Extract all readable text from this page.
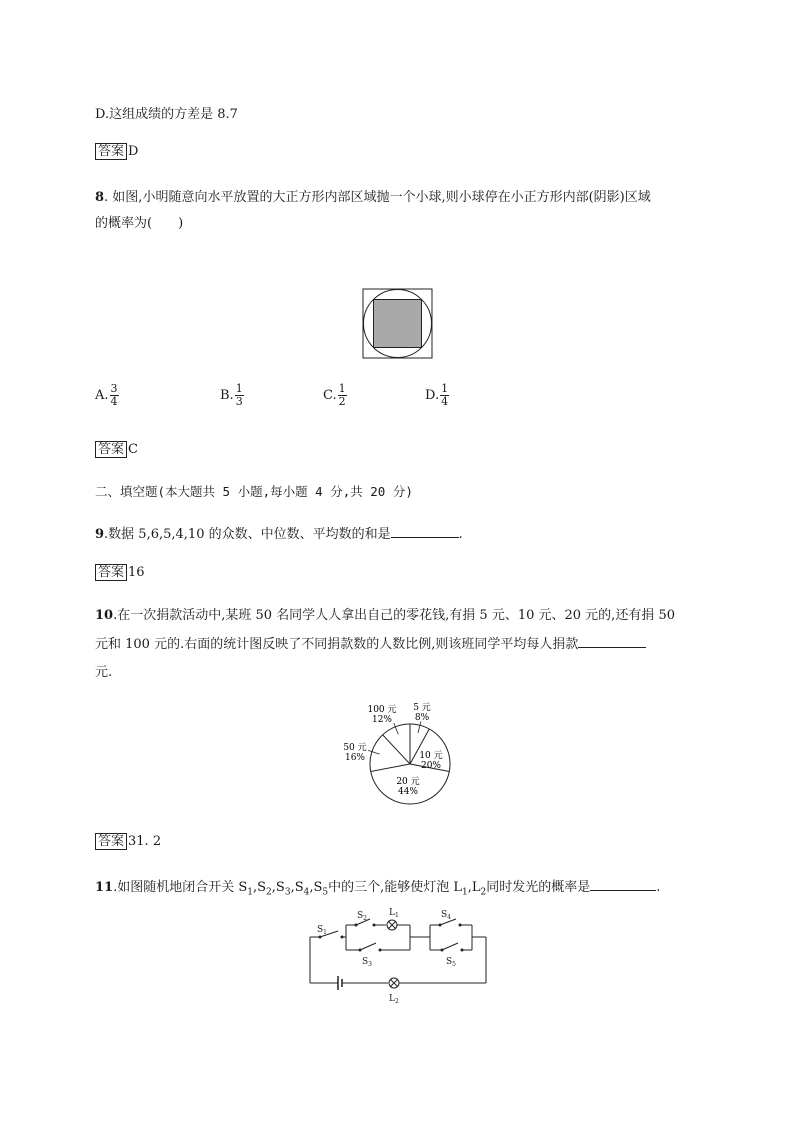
D.这组成绩的方差是 8.7
答案 D
8. 如图,小明随意向水平放置的大正方形内部区域抛一个小球,则小球停在小正方形内部(阴影)区域
的概率为(　　)
A. $\frac{3}{4}$	B. $\frac{1}{3}$	C. $\frac{1}{2}$	D. $\frac{1}{4}$
答案 C
二、填空题(本大题共 5 小题,每小题 4 分,共 20 分)
9.数据 5,6,5,4,10 的众数、中位数、平均数的和是	.
答案 16
10.在一次捐款活动中,某班 50 名同学人人拿出自己的零花钱,有捐 5 元、10 元、20 元的,还有捐 50
元和 100 元的.右面的统计图反映了不同捐款数的人数比例,则该班同学平均每人捐款
元.
5 元
8%
10 元
20%
20 元
44%
50 元
16%
100 元
12%
答案 31. 2
11.如图随机地闭合开关 $S_1,S_2,S_3,S_4,S_5$中的三个,能够使灯泡 $L_1,L_2$同时发光的概率是	.
$S_1$
$S_2$
$L_1$
$S_3$
$S_4$
$S_5$
$L_2$
